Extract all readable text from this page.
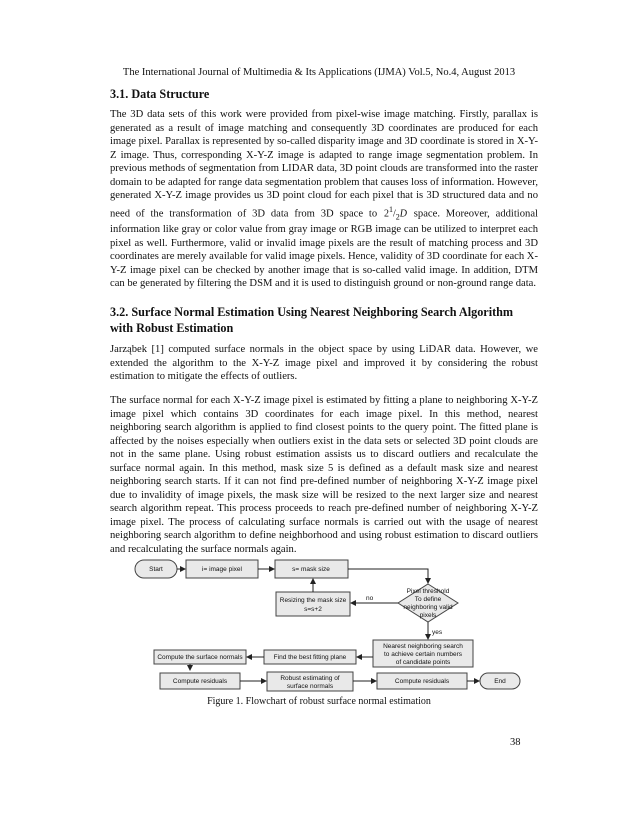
The International Journal of Multimedia & Its Applications (IJMA) Vol.5, No.4, August 2013
3.1. Data Structure

The 3D data sets of this work were provided from pixel-wise image matching. Firstly, parallax is generated as a result of image matching and consequently 3D coordinates are produced for each image pixel. Parallax is represented by so-called disparity image and 3D coordinate is stored in X-Y-Z image. Thus, corresponding X-Y-Z image is adapted to range image segmentation problem. In previous methods of segmentation from LIDAR data, 3D point clouds are transformed into the raster domain to be adapted for range data segmentation problem that causes loss of information. However, generated X-Y-Z image provides us 3D point cloud for each pixel that is 3D structured data and no need of the transformation of 3D data from 3D space to $2^1/_2D$ space. Moreover, additional information like gray or color value from gray image or RGB image can be utilized to interpret each pixel as well. Furthermore, valid or invalid image pixels are the result of matching process and 3D coordinates are merely available for valid image pixels. Hence, validity of 3D coordinate for each X-Y-Z image pixel can be checked by another image that is so-called valid image. In addition, DTM can be generated by filtering the DSM and it is used to distinguish ground or non-ground range data.

3.2. Surface Normal Estimation Using Nearest Neighboring Search Algorithm with Robust Estimation

Jarząbek [1] computed surface normals in the object space by using LiDAR data. However, we extended the algorithm to the X-Y-Z image pixel and improved it by considering the robust estimation to mitigate the effects of outliers.

The surface normal for each X-Y-Z image pixel is estimated by fitting a plane to neighboring X-Y-Z image pixel which contains 3D coordinates for each image pixel. In this method, nearest neighboring search algorithm is applied to find closest points to the query point. The fitted plane is affected by the noises especially when outliers exist in the data sets or selected 3D point clouds are not in the same plane. Using robust estimation assists us to discard outliers and recalculate the surface normal again. In this method, mask size 5 is defined as a default mask size and nearest neighboring search starts. If it can not find pre-defined number of neighboring X-Y-Z image pixel due to invalidity of image pixels, the mask size will be resized to the next larger size and nearest search algorithm repeat. This process proceeds to reach pre-defined number of neighboring X-Y-Z image pixel. The process of calculating surface normals is carried out with the usage of nearest neighboring search algorithm to define neighborhood and using robust estimation to discard outliers and recalculating the surface normals again.

Start	i= image pixel	s= mask size
Resizing the mask size
s=s+2
Pixel threshold
To define
neighboring valid
pixels
no
yes
Compute the surface normals	Find the best fitting plane
Nearest neighboring search
to achieve certain numbers
of candidate points
Compute residuals	Robust estimating of
surface normals
Compute residuals	End
Figure 1. Flowchart of robust surface normal estimation
38
